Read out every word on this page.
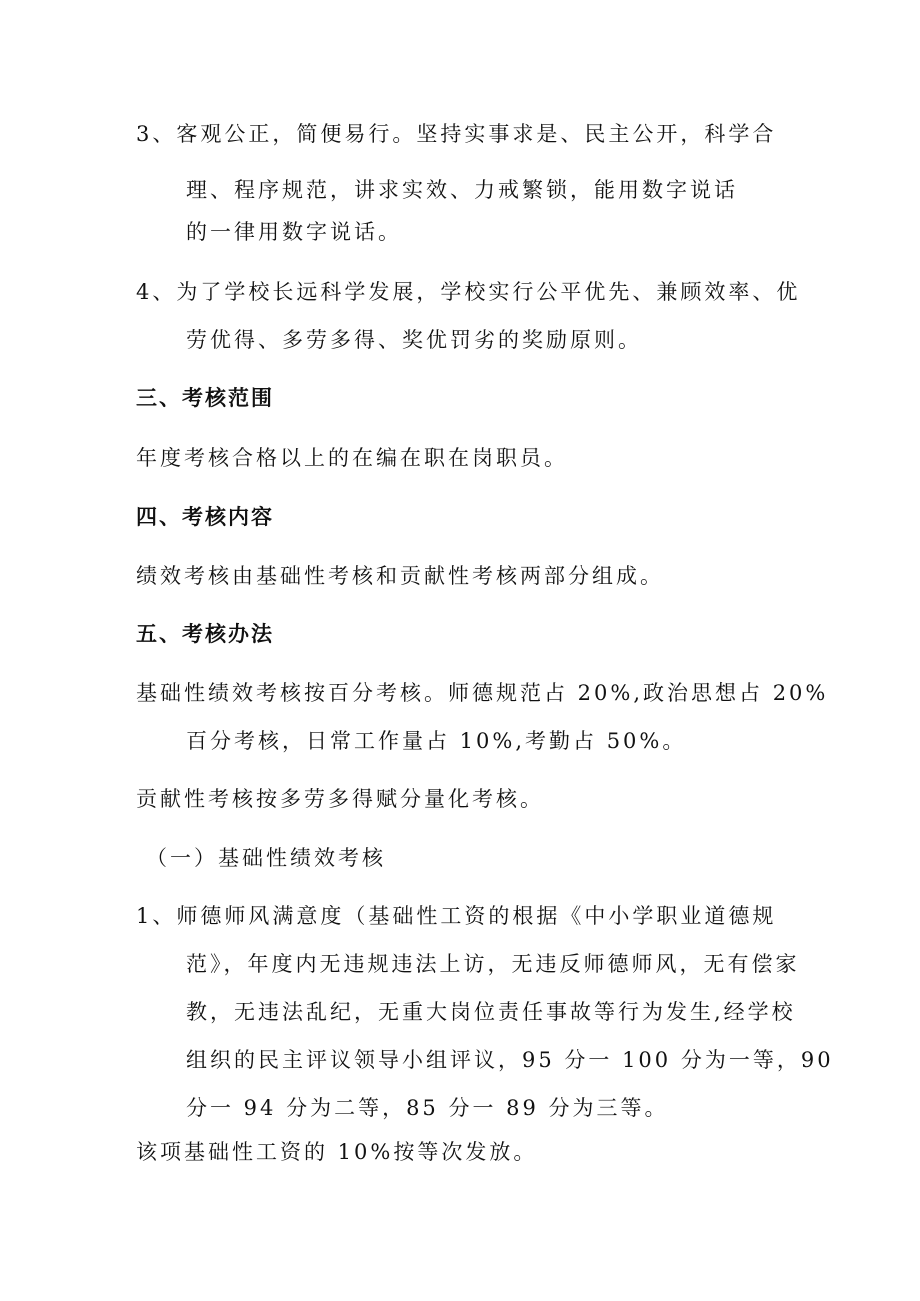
3、客观公正，简便易行。坚持实事求是、民主公开，科学合
理、程序规范，讲求实效、力戒繁锁，能用数字说话
的一律用数字说话。
4、为了学校长远科学发展，学校实行公平优先、兼顾效率、优
劳优得、多劳多得、奖优罚劣的奖励原则。
三、考核范围
年度考核合格以上的在编在职在岗职员。
四、考核内容
绩效考核由基础性考核和贡献性考核两部分组成。
五、考核办法
基础性绩效考核按百分考核。师德规范占 20%,政治思想占 20%
百分考核，日常工作量占 10%,考勤占 50%。
贡献性考核按多劳多得赋分量化考核。
（一）基础性绩效考核
1、师德师风满意度（基础性工资的根据《中小学职业道德规
范》，年度内无违规违法上访，无违反师德师风，无有偿家
教，无违法乱纪，无重大岗位责任事故等行为发生,经学校
组织的民主评议领导小组评议，95 分一 100 分为一等，90
分一 94 分为二等，85 分一 89 分为三等。
该项基础性工资的 10%按等次发放。
